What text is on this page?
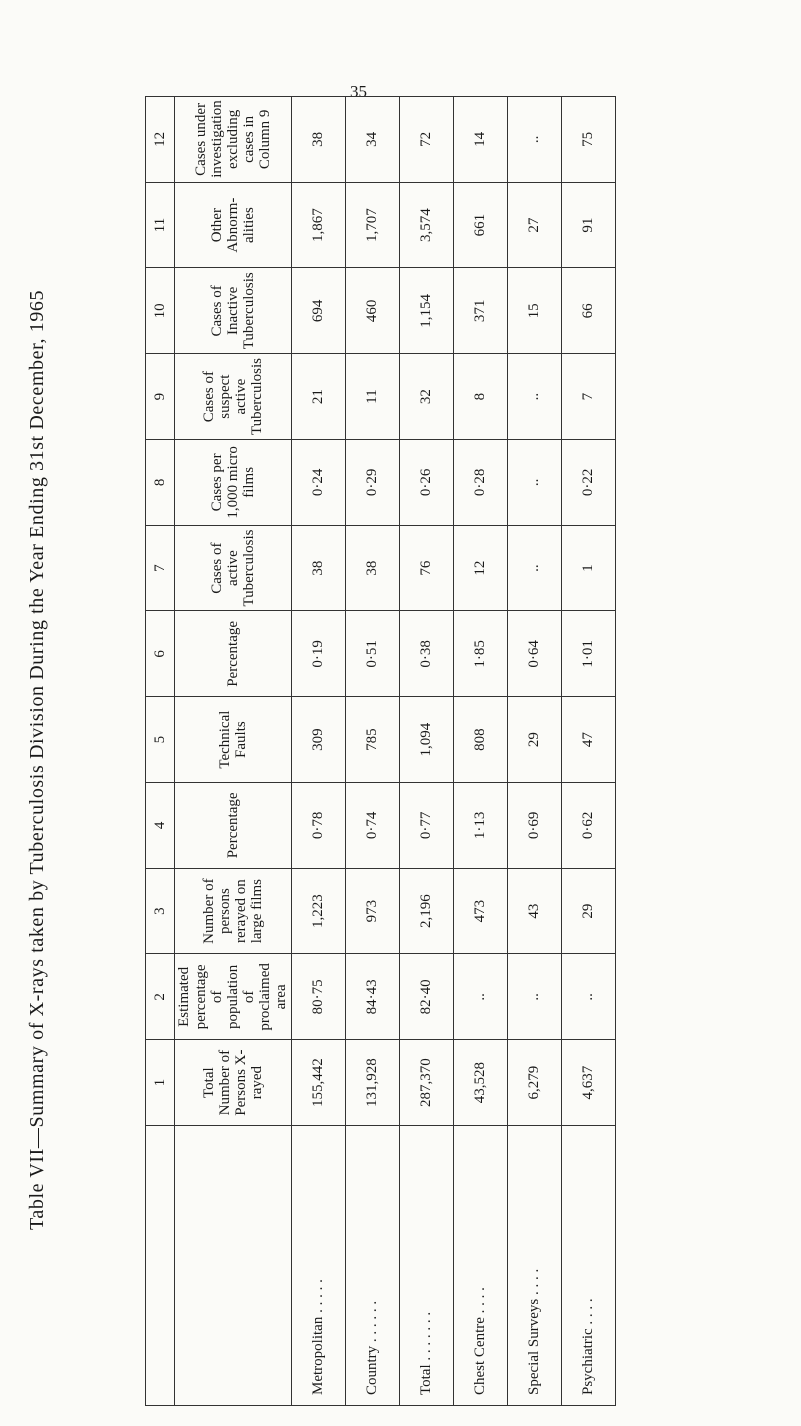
35
Table VII—Summary of X-rays taken by Tuberculosis Division During the Year Ending 31st December, 1965
		1	2	3	4	5	6	7	8	9	10	11	12
	Total Number of Persons X-rayed	Estimated percentage of population of proclaimed area	Number of persons rerayed on large films	Percentage	Technical Faults	Percentage	Cases of active Tuberculosis	Cases per 1,000 micro films	Cases of suspect active Tuberculosis	Cases of Inactive Tuberculosis	Other Abnorm-alities	Cases under investigation excluding cases in Column 9
Metropolitan . . . . .	155,442	80·75	1,223	0·78	309	0·19	38	0·24	21	694	1,867	38
Country . . . . . .	131,928	84·43	973	0·74	785	0·51	38	0·29	11	460	1,707	34
Total . . . . . . .	287,370	82·40	2,196	0·77	1,094	0·38	76	0·26	32	1,154	3,574	72
Chest Centre . . . .	43,528	..	473	1·13	808	1·85	12	0·28	8	371	661	14
Special Surveys . . . .	6,279	..	43	0·69	29	0·64	..	..	..	15	27	..
Psychiatric . . . .	4,637	..	29	0·62	47	1·01	1	0·22	7	66	91	75
